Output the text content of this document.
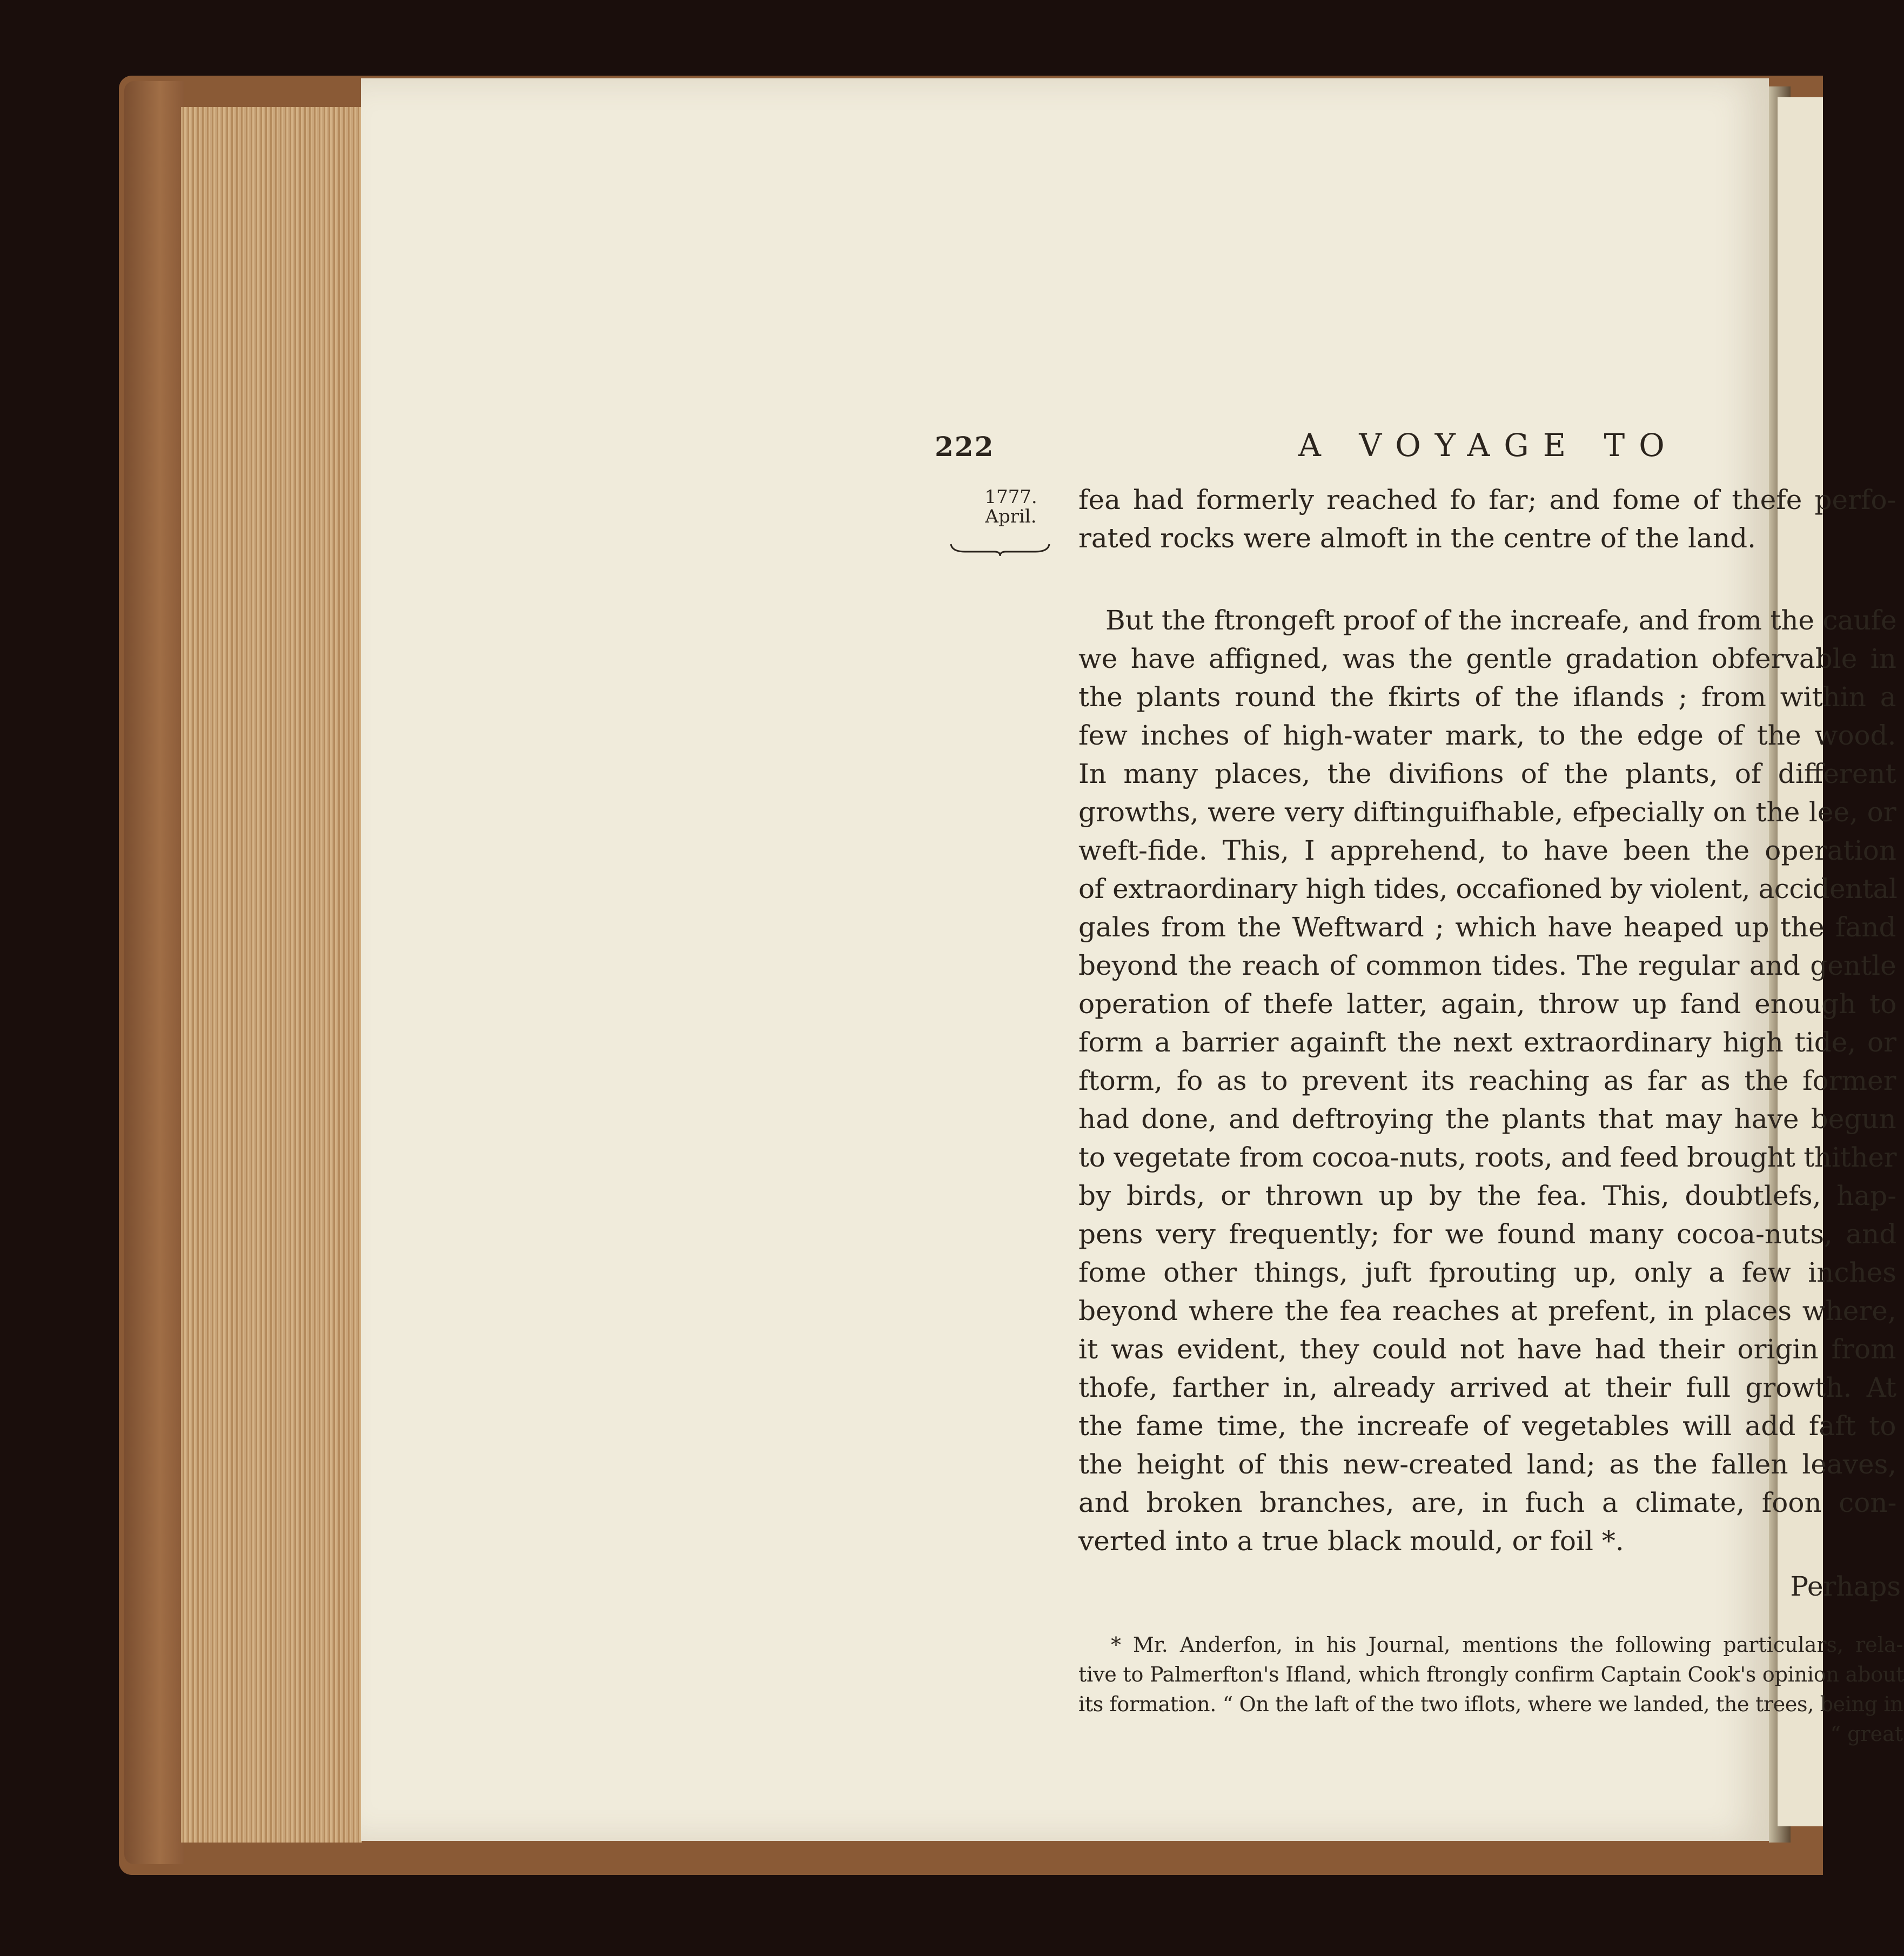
222	A VOYAGE TO
1777.
April.
fea had formerly reached fo far; and fome of thefe perfo-
rated rocks were almoft in the centre of the land.
But the ftrongeft proof of the increafe, and from the caufe
we have affigned, was the gentle gradation obfervable in
the plants round the fkirts of the iflands ; from within a
few inches of high-water mark, to the edge of the wood.
In many places, the divifions of the plants, of different
growths, were very diftinguifhable, efpecially on the lee, or
weft-fide. This, I apprehend, to have been the operation
of extraordinary high tides, occafioned by violent, accidental
gales from the Weftward ; which have heaped up the fand
beyond the reach of common tides. The regular and gentle
operation of thefe latter, again, throw up fand enough to
form a barrier againft the next extraordinary high tide, or
ftorm, fo as to prevent its reaching as far as the former
had done, and deftroying the plants that may have begun
to vegetate from cocoa-nuts, roots, and feed brought thither
by birds, or thrown up by the fea. This, doubtlefs, hap-
pens very frequently; for we found many cocoa-nuts, and
fome other things, juft fprouting up, only a few inches
beyond where the fea reaches at prefent, in places where,
it was evident, they could not have had their origin from
thofe, farther in, already arrived at their full growth. At
the fame time, the increafe of vegetables will add faft to
the height of this new-created land; as the fallen leaves,
and broken branches, are, in fuch a climate, foon con-
verted into a true black mould, or foil *.
Perhaps
* Mr. Anderfon, in his Journal, mentions the following particulars, rela-
tive to Palmerfton's Ifland, which ftrongly confirm Captain Cook's opinion about
its formation. “ On the laft of the two iflots, where we landed, the trees, being in
“ great
